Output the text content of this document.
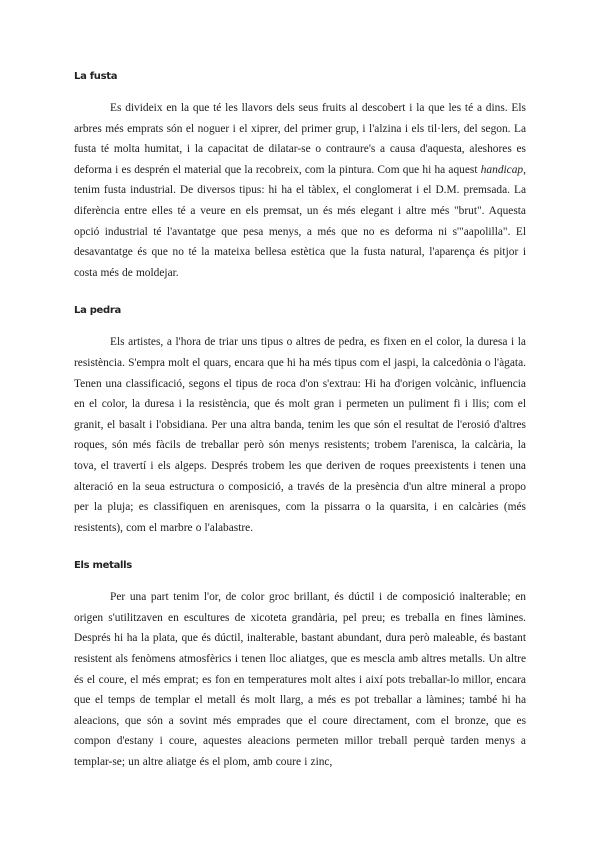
La fusta

Es divideix en la que té les llavors dels seus fruits al descobert i la que les té a dins. Els arbres més emprats són el noguer i el xiprer, del primer grup, i l'alzina i els til·lers, del segon. La fusta té molta humitat, i la capacitat de dilatar-se o contraure's a causa d'aquesta, aleshores es deforma i es desprén el material que la recobreix, com la pintura. Com que hi ha aquest handicap, tenim fusta industrial. De diversos tipus: hi ha el tàblex, el conglomerat i el D.M. premsada. La diferència entre elles té a veure en els premsat, un és més elegant i altre més "brut". Aquesta opció industrial té l'avantatge que pesa menys, a més que no es deforma ni s'"aapolilla". El desavantatge és que no té la mateixa bellesa estètica que la fusta natural, l'aparença és pitjor i costa més de moldejar.

La pedra

Els artistes, a l'hora de triar uns tipus o altres de pedra, es fixen en el color, la duresa i la resistència. S'empra molt el quars, encara que hi ha més tipus com el jaspi, la calcedònia o l'àgata. Tenen una classificació, segons el tipus de roca d'on s'extrau: Hi ha d'origen volcànic, influencia en el color, la duresa i la resistència, que és molt gran i permeten un puliment fi i llis; com el granit, el basalt i l'obsidiana. Per una altra banda, tenim les que són el resultat de l'erosió d'altres roques, són més fàcils de treballar però són menys resistents; trobem l'arenisca, la calcària, la tova, el travertí i els algeps. Després trobem les que deriven de roques preexistents i tenen una alteració en la seua estructura o composició, a través de la presència d'un altre mineral a propo per la pluja; es classifiquen en arenisques, com la pissarra o la quarsita, i en calcàries (més resistents), com el marbre o l'alabastre.

Els metalls

Per una part tenim l'or, de color groc brillant, és dúctil i de composició inalterable; en origen s'utilitzaven en escultures de xicoteta grandària, pel preu; es treballa en fines làmines. Després hi ha la plata, que és dúctil, inalterable, bastant abundant, dura però maleable, és bastant resistent als fenòmens atmosfèrics i tenen lloc aliatges, que es mescla amb altres metalls. Un altre és el coure, el més emprat; es fon en temperatures molt altes i així pots treballar-lo millor, encara que el temps de templar el metall és molt llarg, a més es pot treballar a làmines; també hi ha aleacions, que són a sovint més emprades que el coure directament, com el bronze, que es compon d'estany i coure, aquestes aleacions permeten millor treball perquè tarden menys a templar-se; un altre aliatge és el plom, amb coure i zinc,
